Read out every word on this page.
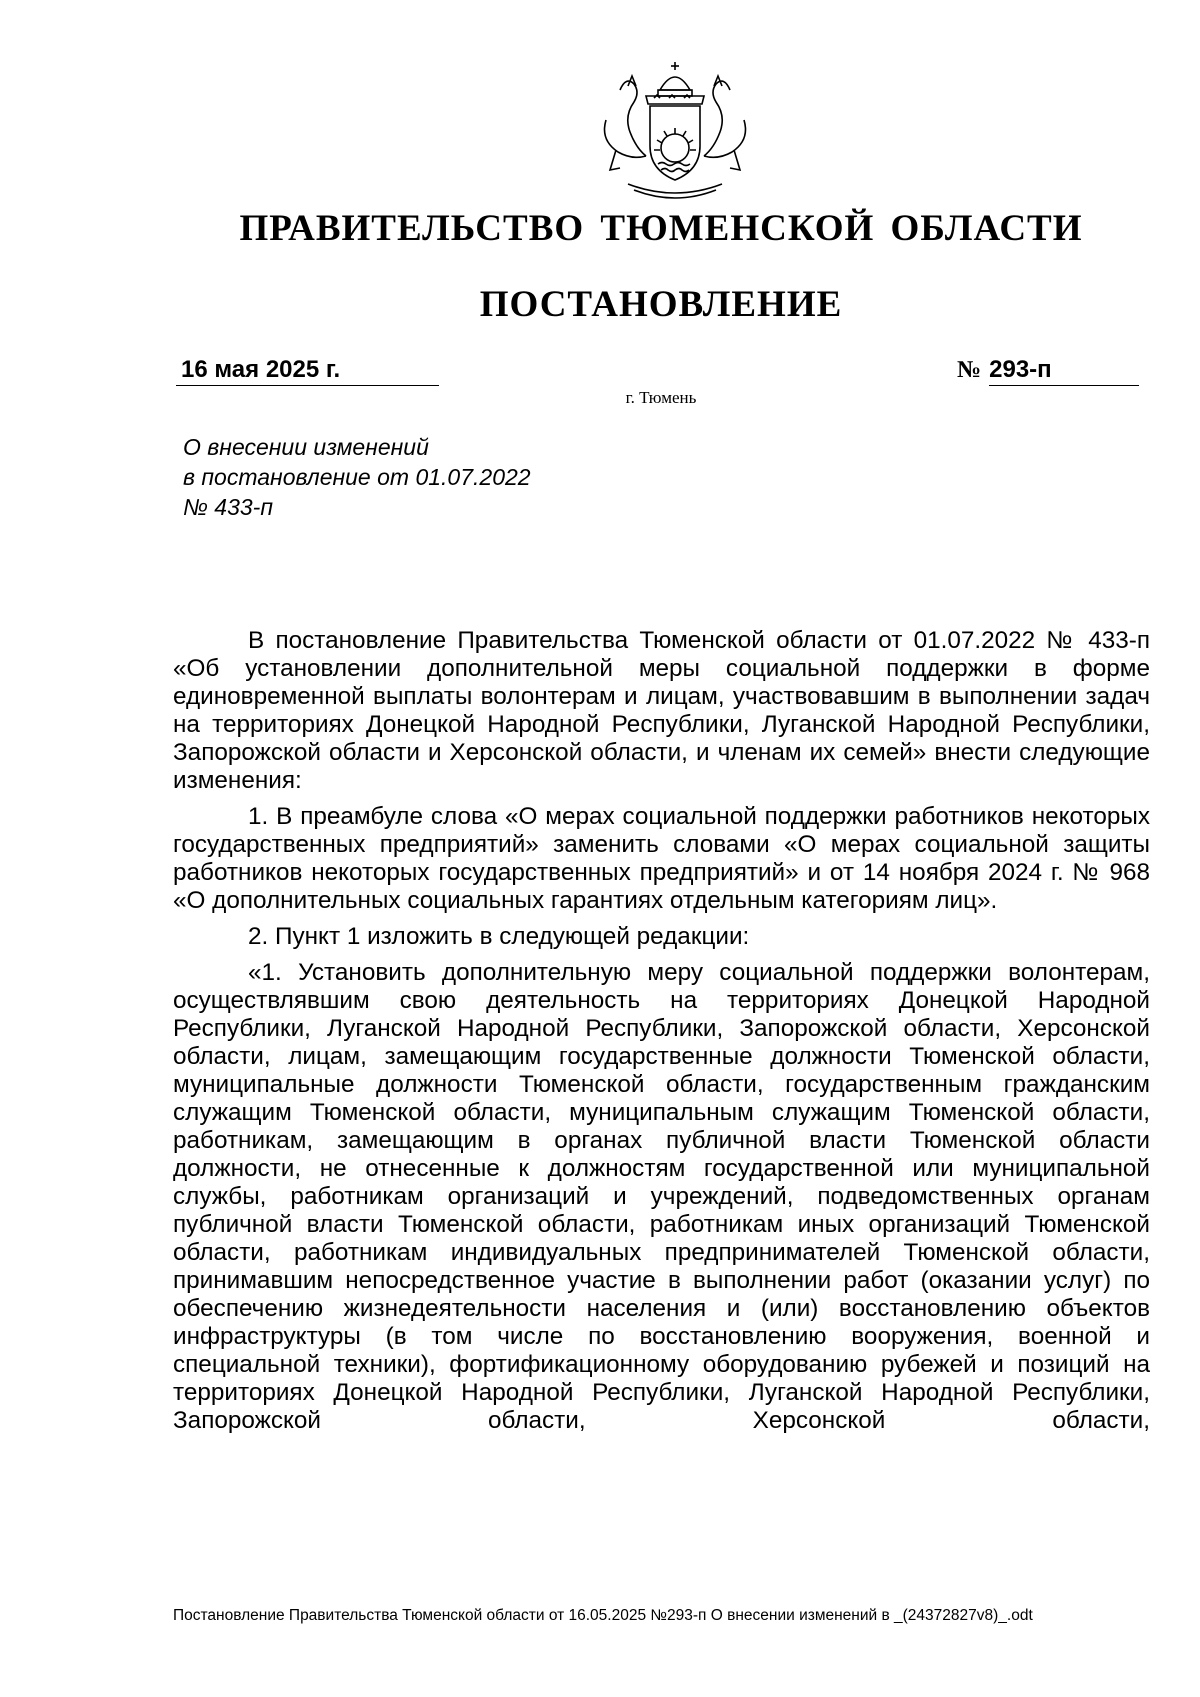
ПРАВИТЕЛЬСТВО ТЮМЕНСКОЙ ОБЛАСТИ
ПОСТАНОВЛЕНИЕ
16 мая 2025 г.	№ 293-п
г. Тюмень
О внесении изменений
в постановление от 01.07.2022
№ 433-п

В постановление Правительства Тюменской области от 01.07.2022 № 433-п «Об установлении дополнительной меры социальной поддержки в форме единовременной выплаты волонтерам и лицам, участвовавшим в выполнении задач на территориях Донецкой Народной Республики, Луганской Народной Республики, Запорожской области и Херсонской области, и членам их семей» внести следующие изменения:

1. В преамбуле слова «О мерах социальной поддержки работников некоторых государственных предприятий» заменить словами «О мерах социальной защиты работников некоторых государственных предприятий» и от 14 ноября 2024 г. № 968 «О дополнительных социальных гарантиях отдельным категориям лиц».

2. Пункт 1 изложить в следующей редакции:

«1. Установить дополнительную меру социальной поддержки волонтерам, осуществлявшим свою деятельность на территориях Донецкой Народной Республики, Луганской Народной Республики, Запорожской области, Херсонской области, лицам, замещающим государственные должности Тюменской области, муниципальные должности Тюменской области, государственным гражданским служащим Тюменской области, муниципальным служащим Тюменской области, работникам, замещающим в органах публичной власти Тюменской области должности, не отнесенные к должностям государственной или муниципальной службы, работникам организаций и учреждений, подведомственных органам публичной власти Тюменской области, работникам иных организаций Тюменской области, работникам индивидуальных предпринимателей Тюменской области, принимавшим непосредственное участие в выполнении работ (оказании услуг) по обеспечению жизнедеятельности населения и (или) восстановлению объектов инфраструктуры (в том числе по восстановлению вооружения, военной и специальной техники), фортификационному оборудованию рубежей и позиций на территориях Донецкой Народной Республики, Луганской Народной Республики, Запорожской области, Херсонской области,

Постановление Правительства Тюменской области от 16.05.2025 №293-п О внесении изменений в _(24372827v8)_.odt
